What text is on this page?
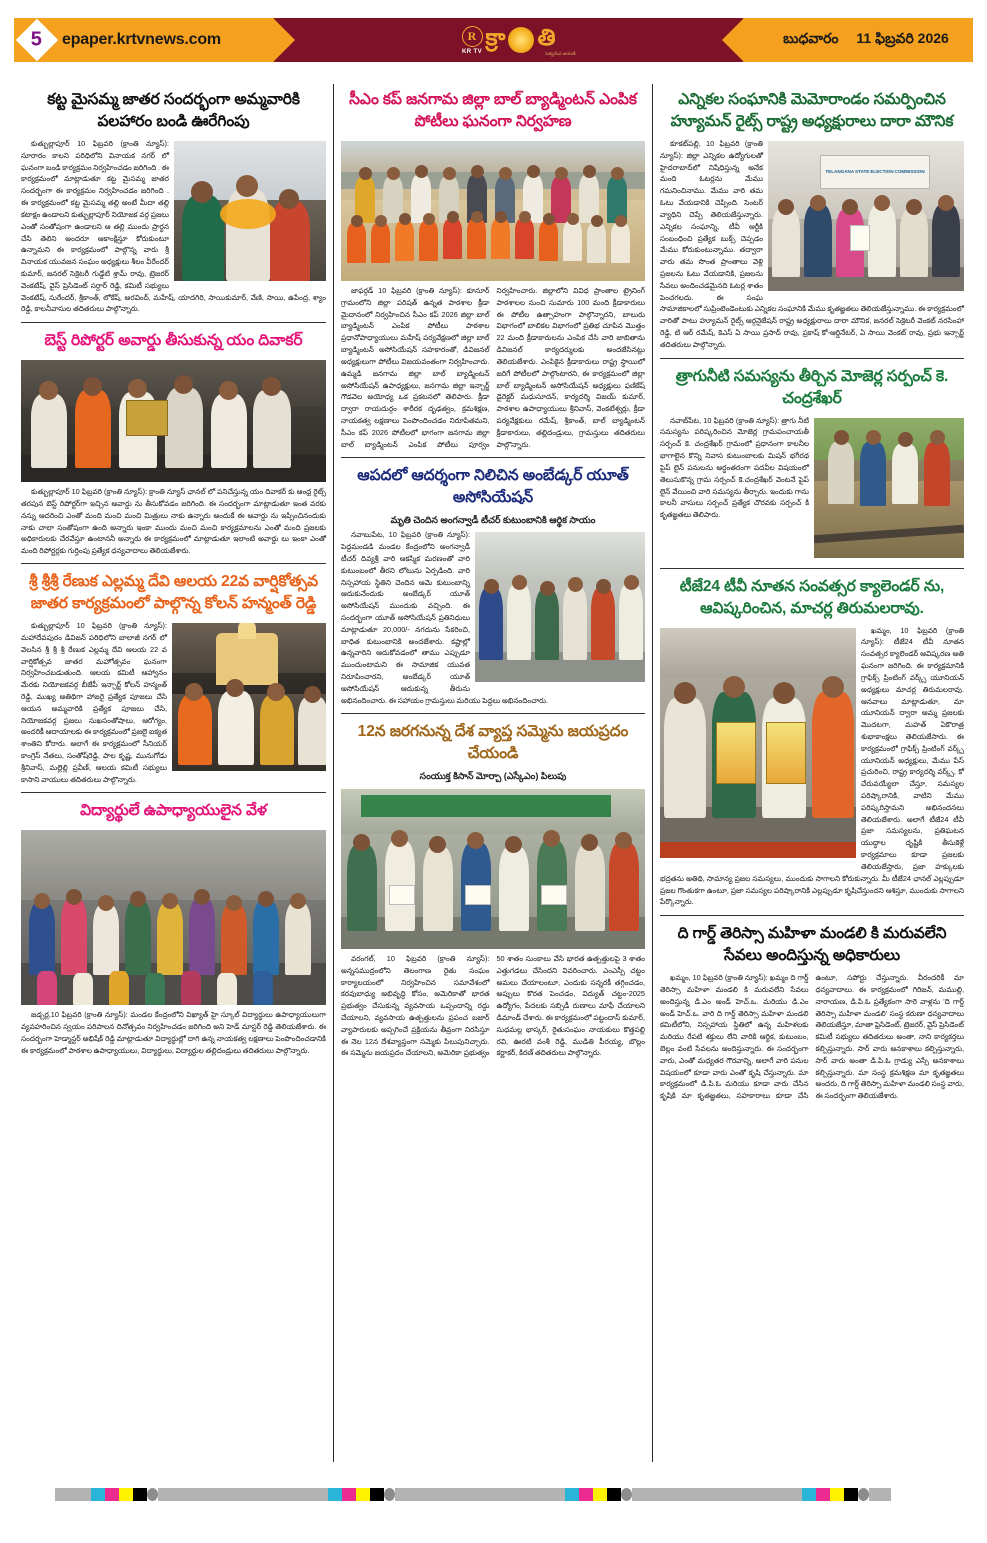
5 epaper.krtvnews.com	R
KR TV
క్రా తి
సత్యమేవ జయతే
బుధవారం 11 ఫిబ్రవరి 2026
కట్ట మైసమ్మ జాతర సందర్భంగా అమ్మవారికి పలహారం బండి ఊరేగింపు

కుత్బుల్లాపూర్ 10 ఫిబ్రవరి (క్రాంతి న్యూస్): సూరారం కాలని పరిధిలోని వినాయక నగర్ లో ఘనంగా బండి కార్యక్రమం నిర్వహించడం జరిగింది . ఈ కార్యక్రమంలో మాట్లాడుతూ కట్ట మైసమ్మ జాతర సందర్భంగా ఈ కార్యక్రమం నిర్వహించడం జరిగింది . ఈ కార్యక్రమంలో కట్ట మైసమ్మ తల్లి అంటే మీదా తల్లి కటాక్షం ఉండాలని కుత్బుల్లాపూర్ నియోజక వర్గ ప్రజలు ఎంతో సంతోషంగా ఉండాలని ఆ తల్లి ముందు ప్రార్థన చేసి తెలిని అందరూ ఆకాంక్షిస్తూ కోరుకుంటూ ఉన్నామని ఈ కార్యక్రమంలో పాల్గొన్న వారు శ్రీ వినాయక యువజన సంఘం అధ్యక్షులు శీలం వీరేందర్ కుమార్, జనరల్ సెక్రెటరీ గుడ్డేటి శ్రామ్ రావు, ట్రెజరర్ వెంకటేష్, వైస్ ప్రెసిడెంట్ సర్దార్ రెడ్డి, కమిటీ సభ్యులు వెంకటేష్, సురేందర్, శ్రీకాంత్, లోకేష్, అరవింద్, మహేష్, యాదగిరి, సాయికుమార్, వేణి, సాయి, ఉపేంద్ర, శ్యాం రెడ్డి, కాలనీవాసుల తదితరులు పాల్గొన్నారు.

బెస్ట్ రిపోర్టర్ అవార్డు తీసుకున్న యం దివాకర్

కుత్బుల్లాపూర్ 10 ఫిబ్రవరి (క్రాంతి న్యూస్): క్రాంతి న్యూస్ ఛానల్ లో పనిచేస్తున్న యం దివాకర్ కు ఆంధ్ర రైట్స్ తరపున బెస్ట్ రిపోర్టర్‌గా ఇచ్చిన అవార్డు ను తీసుకోవడం జరిగింది. ఈ సందర్భంగా మాట్లాడుతూ ఇంత వరకు నన్ను ఆదరించి ఎంతో మంది మంచి మంచి మిత్రులు నాకు ఉన్నారు అందుకే ఈ అవార్డు ను ఇప్పించినందుకు నాకు చాలా సంతోషంగా ఉంది అన్నారు ఇంకా ముందు మంచి మంచి కార్యక్రమాలను ఎంతో మంది ప్రజలకు అధికారులకు చేరవేస్తూ ఉంటాననీ అన్నారు ఈ కార్యక్రమంలో మాట్లాడుతూ ఇలాంటి అవార్డు లు ఇంకా ఎంతో మంది రిపోర్టర్లకు గుర్తింపు ప్రత్యేక ధన్యవాదాలు తెలియజేశారు.

శ్రీ శ్రీశ్రీ రేణుక ఎల్లమ్మ దేవి ఆలయ 22వ వార్షికోత్సవ జాతర కార్యక్రమంలో పాల్గొన్న కోలన్ హన్మంత్ రెడ్డి

కుత్బుల్లాపూర్ 10 ఫిబ్రవరి (క్రాంతి న్యూస్): మహాదేవపురం డివిజన్ పరిధిలోని బాలాజీ నగర్ లో వెలసిన శ్రీ శ్రీ శ్రీ రేణుక ఎల్లమ్మ దేవి ఆలయ 22 వ వార్షికోత్సవ జాతర మహోత్సవం ఘనంగా నిర్వహించబడుతుంది. ఆలయ కమిటీ ఆహ్వానం మేరకు నియోజకవర్గ బీజేపీ ఇన్చార్జ్ కోలన్ హన్మంత్ రెడ్డి, ముఖ్య అతిథిగా హాజరై ప్రత్యేక పూజలు చేసి ఆయన అమ్మవారికి ప్రత్యేక పూజలు చేసి, నియోజకవర్గ ప్రజలు సుఖసంతోషాలు, ఆరోగ్యం, అందరికీ ఆదాయాలకు ఈ కార్యక్రమంలో ప్రజలై ఐక్యత శాంతిని కోరారు. అలాగే ఈ కార్యక్రమంలో సీనియర్ కాంగ్రెస్ నేతలు, సంతోష్‌రెడ్డి, పాల కృష్ణ, మునుగోడు శ్రీనివాస్, మల్లెల్లి ప్రవీణ్, ఆలయ కమిటీ సభ్యులు కాసాని వాయులు తదితరులు పాల్గొన్నారు.

విద్యార్థులే ఉపాధ్యాయులైన వేళ

జడ్చర్ల,10 ఫిబ్రవరి (క్రాంతి న్యూస్): మండల కేంద్రంలోని విఖ్యాత్ హై స్కూల్ విద్యార్థులు ఉపాధ్యాయులుగా వ్యవహరించిన స్వయం పరిపాలన దినోత్సవం నిర్వహించడం జరిగింది అని హెడ్ మాస్టర్ రెడ్డి తెలియజేశారు. ఈ సందర్భంగా హెడ్మాస్టర్ అభిషేక్ రెడ్డి మాట్లాడుతూ విద్యార్థుల్లో దాగి ఉన్న నాయకత్వ లక్షణాలు పెంపొందించడానికి ఈ కార్యక్రమంలో పాఠశాల ఉపాధ్యాయులు, విద్యార్థులు, విద్యార్థుల తల్లిదండ్రులు తదితరులు పాల్గొన్నారు.

సీఎం కప్ జనగామ జిల్లా బాల్ బ్యాడ్మింటన్ ఎంపిక పోటీలు ఘనంగా నిర్వహణ

జాఫర్గడ్ 10 ఫిబ్రవరి (క్రాంతి న్యూస్): కూనూర్ గ్రామంలోని జిల్లా పరిషత్ ఉన్నత పాఠశాల క్రీడా మైదానంలో నిర్వహించిన సీఎం కప్ 2026 జిల్లా బాల్ బ్యాడ్మింటన్ ఎంపిక పోటీలు పాఠశాల ప్రధానోపాధ్యాయులు మహేష్ పర్యవేక్షణలో జిల్లా బాల్ బ్యాడ్మింటన్ అసోసియేషన్ సహకారంతో, డివిజనల్ అధ్యక్షులుగా పోటీలు విజయవంతంగా నిర్వహించారు. ఉమ్మడి జనగామ జిల్లా బాల్ బ్యాడ్మింటన్ అసోసియేషన్ ఉపాధ్యక్షులు, జనగామ జిల్లా ఇన్చార్జ్ గౌడవెల అయోధ్య ఒక ప్రకటనలో తెలిపారు. క్రీడా ద్వారా రాయదుర్గం శారీరక దృఢత్వం, క్రమశిక్షణ, నాయకత్వ లక్షణాలు పెంపొందించడం నిరూపితమని, సీఎం కప్ 2026 పోటీలలో భాగంగా జనగామ జిల్లా బాల్ బ్యాడ్మింటన్ ఎంపిక పోటీలు పూర్వం నిర్వహించారు. జిల్లాలోని వివిధ ప్రాంతాల ట్రైనింగ్ పాఠశాలల నుంచి సుమారు 100 మంది క్రీడాకారులు ఈ పోటీల ఉత్సాహంగా పాల్గొన్నారని, బాలురు విభాగంలో బాలికల విభాగంలో ప్రతిభ చూపిన మొత్తం 22 మంది క్రీడాకారులను ఎంపిక చేసి వారి జాబితాను డివిజనల్ కార్యదర్శులకు అందజేసినట్లు తెలియజేశారు. ఎంపికైన క్రీడాకారులు రాష్ట్ర స్థాయిలో జరిగే పోటీలలో పాల్గొంటారని, ఈ కార్యక్రమంలో జిల్లా బాల్ బ్యాడ్మింటన్ అసోసియేషన్ అధ్యక్షులు ఫణికేష్ డైరెక్టర్ మధుసూదన్, కార్యదర్శి విజయ్ కుమార్, పాఠశాల ఉపాధ్యాయులు శ్రీనివాస్, వెంకటేశ్వర్లు, క్రీడా పర్యవేక్షకులు రమేష్, శ్రీకాంత్, బాల్ బ్యాడ్మింటన్ క్రీడాకారులు, తల్లిదండ్రులు, గ్రామస్తులు తదితరులు పాల్గొన్నారు.

ఆపదలో ఆదర్శంగా నిలిచిన అంబేడ్కర్ యూత్ అసోసియేషన్
మృతి చెందిన అంగన్వాడీ టీచర్ కుటుంబానికి ఆర్థిక సాయం

నవాబుపేట, 10 ఫిబ్రవరి (క్రాంతి న్యూస్): పెద్దమండడి మండల కేంద్రంలోని అంగన్వాడీ టీచర్ దివ్యశ్రీ వారి ఆకస్మిక మరణంతో వారి కుటుంబంలో తీరని లోటును ఏర్పడింది. వారి నిస్సహాయ స్థితిని చెందిన ఆమె కుటుంబాన్ని ఆదుకునేందుకు అంబేడ్కర్ యూత్ అసోసియేషన్ ముందుకు వచ్చింది. ఈ సందర్భంగా యూత్ అసోసియేషన్ ప్రతినిధులు మాట్లాడుతూ 20,000/- నగదును సేకరించి, బాధిత కుటుంబానికి అందజేశారు. కష్టాల్లో ఉన్నవారిని ఆదుకోవడంలో తాము ఎప్పుడూ ముందుంటామని ఈ సామాజిక యువత నిరూపించారని, అంబేడ్కర్ యూత్ అసోసియేషన్ ఆదుకున్న తీరును అభినందించారు. ఈ సహాయం గ్రామస్తులు మరియు పెద్దలు అభినందించారు.

12న జరగనున్న దేశ వ్యాప్త సమ్మెను జయప్రదం చేయండి
సంయుక్త కిసాన్ మోర్చా (ఎస్కేఎం) పిలుపు

వరంగల్, 10 ఫిబ్రవరి (క్రాంతి న్యూస్): అన్నసముద్రంలోని తెలంగాణ రైతు సంఘం కార్యాలయంలో నిర్వహించిన సమావేశంలో కరవుబాధ్యు అభివృద్ధి కోసం, అమెరికాతో భారత ప్రభుత్వం చేసుకున్న వ్యవసాయ ఒప్పందాన్ని రద్దు చేయాలని, వ్యవసాయ ఉత్పత్తులను ప్రపంచ బజార్ వ్యాపారులకు అప్పగించే ప్రక్రియను తీవ్రంగా నిరసిస్తూ ఈ నెల 12న దేశవ్యాప్తంగా సమ్మెకు పిలుపునిచ్చారు. ఈ సమ్మెను జయప్రదం చేయాలని, అమెరికా ప్రభుత్వం 50 శాతం సుంకాలు వేసి భారత ఉత్పత్తులపై 3 శాతం ఎత్తుగడలు చేసిందని వివరించారు. ఎంఎస్పీ చట్టం అమలు చేయాలంటూ, ఎందుకు సన్నరకీ తగ్గించడం, అప్పులు కొరత పెంచడం, విద్యుత్ చట్టం-2025 ఉద్యోగం, పేదలకు సబ్సిడీ రుణాలు మాఫీ చేయాలని డిమాండ్ చేశారు. ఈ కార్యక్రమంలో పట్టందాస్ కుమార్, సుధమల్ల భాస్కర్, రైతుసంఘం నాయకులు కొత్తపల్లి రవి, ఊరటి వంశీ రెడ్డి, ముడితి పీరయ్య, బొల్లం కర్ణాకర్, కిరణ్ తదితరులు పాల్గొన్నారు.

ఎన్నికల సంఘానికి మెమోరాండం సమర్పించిన హ్యూమన్ రైట్స్ రాష్ట్ర అధ్యక్షురాలు దారా మౌనిక
TELANGANA STATE ELECTION COMMISSION

కూకట్‌పల్లి, 10 ఫిబ్రవరి (క్రాంతి న్యూస్): జిల్లా ఎన్నికల ఉద్యోగులతో హైదరాబాద్‌లో నిషేధిస్తున్న అనేక మంది ఓటర్లను మేము గమనించినాము. మేము వారి తమ ఓటు వేయడానికి చెప్పింది. సెంటర్ వ్యాధిని చెప్పే తెలియజేస్తున్నారు. ఎన్నికల సంఘాన్ని, టీవీ ఆర్టీకి సంబంధించి ప్రత్యేక బుక్స్ చెప్పడం మేము కోరుకుంటున్నాము. తద్వారా వారు తమ సొంత ప్రాంతాలు వెళ్లి ప్రజలను ఓటు వేయడానికి, ప్రజలను సేవలు అందించడమైనది ఓటర్ల శాతం పెంచగలదు. ఈ సంఘ సామాజికాలలో సుప్రింటెండెంటుకు ఎన్నికల సంఘానికి మేము కృతజ్ఞతలు తెలియజేస్తున్నాము. ఈ కార్యక్రమంలో వారితో పాటు హ్యూమన్ రైట్స్ ఆర్గనైజేషన్ రాష్ట్ర అధ్యక్షురాలు దారా మౌనిక, జనరల్ సెక్రెటరీ వెంకట్ నరసింహా రెడ్డి, టి ఆర్ రమేష్, కెఎస్ ఏ సాయి ప్రసాద్ రావు, ప్రకాష్ కో-ఆర్డినేటర్, ఏ సాయి వెంకట్ రావు, ప్రభు ఇన్చార్జ్ తదితరులు పాల్గొన్నారు.

త్రాగునీటి సమస్యను తీర్చిన మోజెర్ల సర్పంచ్ కె. చంద్రశేఖర్

నవాబ్‌పేట, 10 ఫిబ్రవరి (క్రాంతి న్యూస్): త్రాగు నీటి సమస్యను పరిష్కరించిన మోజెర్ల గ్రామపంచాయతీ సర్పంచ్ కె. చంద్రశేఖర్ గ్రామంలో ప్రధానంగా కాలనీల భాగాలైన కొన్ని నివాస కుటుంబాలకు మిషన్ భగీరథ పైప్ లైన్ పనులను అర్థంతరంగా పదవీల విషయంలో తెలుసుకొన్న గ్రామ సర్పంచ్ కె.చంద్రశేఖర్ వెంటనే పైప్ లైన్ వేయించి వారి సమస్యను తీర్చారు. ఇందుకు గాను కాలనీ వాసులు సర్పంచ్ ప్రత్యేక చొరవకు సర్పంచ్ కి కృతజ్ఞతలు తెలిపారు.

టీజే24 టీవీ నూతన సంవత్సర క్యాలెండర్ ను, ఆవిష్కరించిన, మాచర్ల తిరుమలరావు.

ఖమ్మం, 10 ఫిబ్రవరి (క్రాంతి న్యూస్): టీజే24 టీవీ నూతన సంవత్సర క్యాలెండర్ ఆవిష్కరణ అతి ఘనంగా జరిగింది. ఈ కార్యక్రమానికి గ్రాఫిక్స్ ప్రింటింగ్ వర్క్స్ యూనియన్ అధ్యక్షులు మాచర్ల తిరుమలరావు. ఆనవాలు మాట్లాడుతూ, మా యూనియన్ ద్వారా అమ్మ ప్రజలకు మొదటగా, మహత్ ఏకొరాత్ర శుభాకాంక్షలు తెలియజేసారు. ఈ కార్యక్రమంలో గ్రాఫిక్స్ ప్రింటింగ్ వర్క్స్ యూనియన్ అధ్యక్షులు, మేము పేస్ ప్రచురించి, రాష్ట్ర కార్యదర్శి వర్క్స్, కో చేరువయ్యేలా చేస్తూ, సమస్యల పరిష్కారానికి, వాటిని మేము పరిష్కరిస్తామని అభినందనలు తెలియజేశారు. అలాగే టీజే24 టీవీ ప్రజా సమస్యలను, ప్రతిఘటన యుద్ధాల దృష్టికి తీసుకెళ్లే కార్యక్రమాలు కూడా ప్రజలకు తెలియజేస్తారు, ప్రజా హక్కులకు భద్రతను అతిథి, సామాన్య ప్రజల సమస్యలు, ముందుకు సాగాలని కోరుకున్నారు. మీ టీజే24 ఛానల్ ఎల్లప్పుడూ ప్రజల గొంతుకగా ఉంటూ, ప్రజా సమస్యల పరిష్కారానికి ఎల్లప్పుడూ కృషిచేస్తుందని ఆశిస్తూ, ముందుకు సాగాలని పేర్కొన్నారు.

ది గార్డ్ తెరిస్సా మహిళా మండలి కి మరువలేని సేవలు అందిస్తున్న అధికారులు

ఖమ్మం, 10 ఫిబ్రవరి (క్రాంతి న్యూస్): ఖమ్మం ది గార్డ్ తెరిస్సా మహిళా మండలి కి మరువలేని సేవలు అందిస్తున్న డి.ఎం అండ్ హెచ్.ఒ. మరియు డి.ఎం అండ్ హెచ్.ఒ. వారి ది గార్డ్ తెరిస్సా మహిళా మండలి కమిటీలోని, నిస్సహాయ స్థితిలో ఉన్న మహిళలకు మరియు రేపటి శక్తులు లేని వారికి ఆర్థిక, కుటుంబం, బెల్లం వంటి సేవలను అందిస్తున్నారు. ఈ సందర్భంగా వారు, ఎంతో మధ్యతర గౌరవాన్ని, అలాగే వారి పనుల విషయంలో కూడా వారు ఎంతో కృషి చేస్తున్నారు. మా కార్యక్రమంలో డి.పి.ఓ మరియు కూడా వారు చేసిన కృషికి మా కృతజ్ఞతలు, సహకారాలు కూడా చేసి ఉంటూ, సపోర్టు చేస్తున్నారు. వీరందరికీ మా ధన్యవాదాలు. ఈ కార్యక్రమంలో గిరిజన్, మముల్లి, నారాయణ, డి.పి.ఓ ప్రత్యేకంగా సారె వాళ్లను 'ది గార్డ్ తెరిస్సా మహిళా మండలి' సంస్థ కరుణా ధన్యవాదాలు తెలియజేస్తూ, మాతా ఫ్రెసిడెంట్, ట్రెజరర్, వైస్ ప్రెసిడెంట్ కమిటీ సభ్యులు తదితరులు అంతా, నాని కార్యకర్తలు కల్పిస్తున్నారు. సార్ వారు అనకాశాలు కల్పిస్తున్నారు, సార్ వారు అంతా డి.పి.ఓ గ్రాడ్యు ఎస్సే అనకాశాలు కల్పిస్తున్నారు. మా సంస్థ క్రమశిక్షణ మా కృతజ్ఞతలు అందరు, ది గార్డ్ తెరిస్సా మహిళా మండలి సంస్థ వారు, ఈ సందర్భంగా తెలియజేశారు.
